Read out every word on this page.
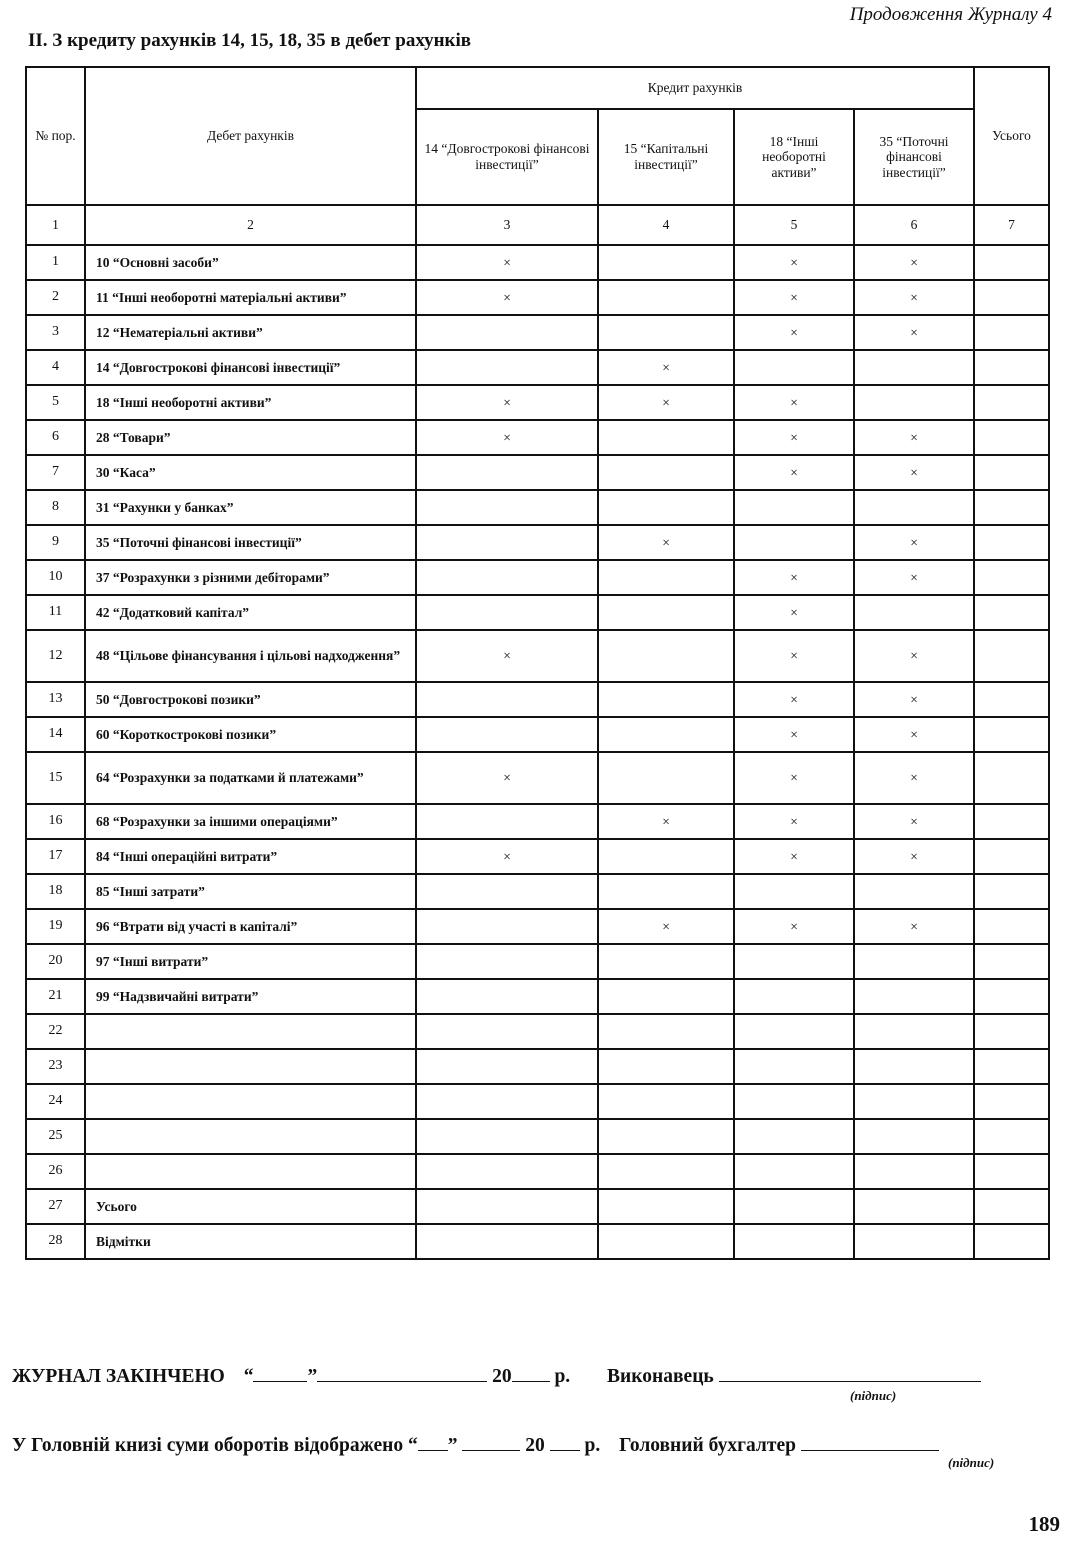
Продовження Журналу 4
II. З кредиту рахунків 14, 15, 18, 35 в дебет рахунків
№ пор.	Дебет рахунків	Кредит рахунків				Усього
		14 “Довгострокові фінансові інвестиції”	15 “Капітальні інвестиції”	18 “Інші необоротні активи”	35 “Поточні фінансові інвестиції”	
1	2	3	4	5	6	7
1	10 “Основні засоби”	×		×	×	
2	11 “Інші необоротні матеріальні активи”	×		×	×	
3	12 “Нематеріальні активи”			×	×	
4	14 “Довгострокові фінансові інвестиції”		×			
5	18 “Інші необоротні активи”	×	×	×		
6	28 “Товари”	×		×	×	
7	30 “Каса”			×	×	
8	31 “Рахунки у банках”					
9	35 “Поточні фінансові інвестиції”		×		×	
10	37 “Розрахунки з різними дебіторами”			×	×	
11	42 “Додатковий капітал”			×		
12	48 “Цільове фінансування і цільові надходження”	×		×	×	
13	50 “Довгострокові позики”			×	×	
14	60 “Короткострокові позики”			×	×	
15	64 “Розрахунки за податками й платежами”	×		×	×	
16	68 “Розрахунки за іншими операціями”		×	×	×	
17	84 “Інші операційні витрати”	×		×	×	
18	85 “Інші затрати”					
19	96 “Втрати від участі в капіталі”		×	×	×	
20	97 “Інші витрати”					
21	99 “Надзвичайні витрати”					
22						
23						
24						
25						
26						
27	Усього					
28	Відмітки					
ЖУРНАЛ ЗАКІНЧЕНО “	”	20 р. Виконавець
(підпис)
У Головній книзі суми оборотів відображено “ ”	20 р. Головний бухгалтер
(підпис)
189
